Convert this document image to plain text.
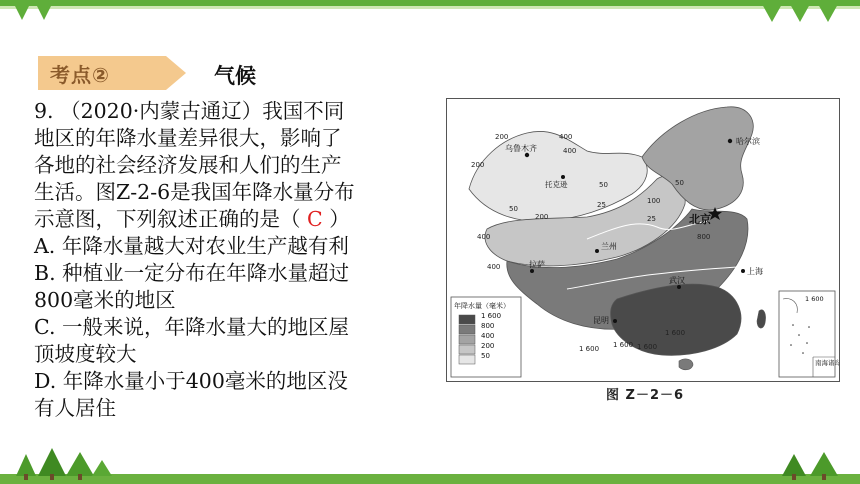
考点②	气候
9. （2020·内蒙古通辽）我国不同
地区的年降水量差异很大，影响了
各地的社会经济发展和人们的生产
生活。图Z-2-6是我国年降水量分布
示意图，下列叙述正确的是（ C ）
A. 年降水量越大对农业生产越有利
B. 种植业一定分布在年降水量超过
800毫米的地区
C. 一般来说，年降水量大的地区屋
顶坡度较大
D. 年降水量小于400毫米的地区没
有人居住
哈尔滨
乌鲁木齐
托克逊
北京
兰州
拉萨
武汉
上海
昆明
200
200
400
400
50
50
50
100
25
25
400
800
1 600 1 600 1 600
400
200
1 600
年降水量（毫米）
1 600
800
400
200
50
1 600
南海诸岛
图 Z－2－6
